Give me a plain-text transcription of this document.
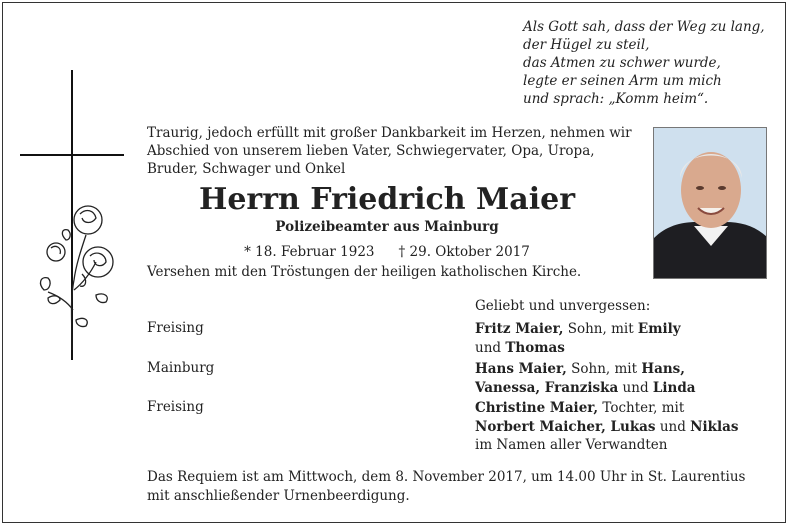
Als Gott sah, dass der Weg zu lang,
der Hügel zu steil,
das Atmen zu schwer wurde,
legte er seinen Arm um mich
und sprach: „Komm heim“.
Traurig, jedoch erfüllt mit großer Dankbarkeit im Herzen, nehmen wir Abschied von unserem lieben Vater, Schwiegervater, Opa, Uropa, Bruder, Schwager und Onkel
Herrn Friedrich Maier
Polizeibeamter aus Mainburg
* 18. Februar 1923 † 29. Oktober 2017
Versehen mit den Tröstungen der heiligen katholischen Kirche.
Geliebt und unvergessen:
Freising	Fritz Maier, Sohn, mit Emily
und Thomas
Mainburg	Hans Maier, Sohn, mit Hans,
Vanessa, Franziska und Linda
Freising	Christine Maier, Tochter, mit
Norbert Maicher, Lukas und Niklas
im Namen aller Verwandten
Das Requiem ist am Mittwoch, dem 8. November 2017, um 14.00 Uhr in St. Laurentius mit anschließender Urnenbeerdigung.
